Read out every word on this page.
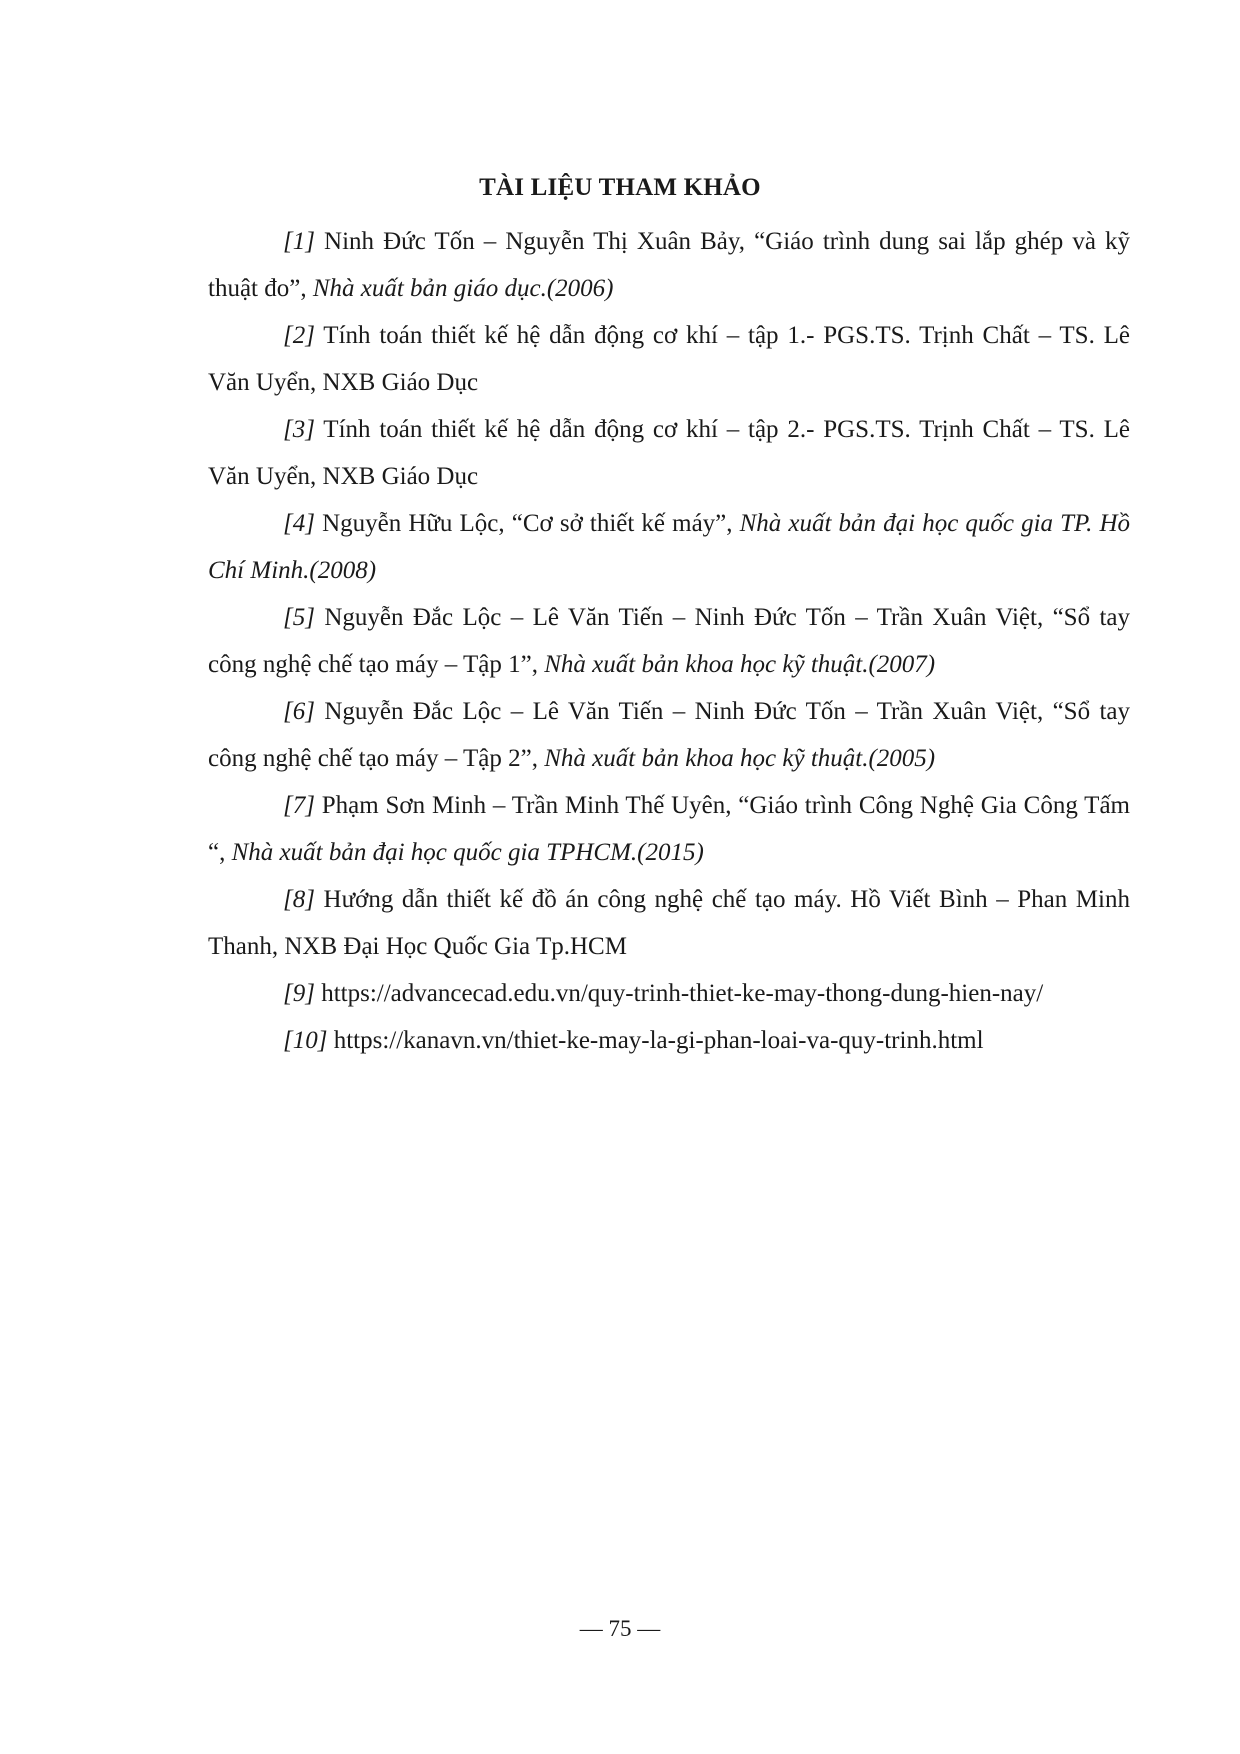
TÀI LIỆU THAM KHẢO

[1] Ninh Đức Tốn – Nguyễn Thị Xuân Bảy, “Giáo trình dung sai lắp ghép và kỹ thuật đo”, Nhà xuất bản giáo dục.(2006)

[2] Tính toán thiết kế hệ dẫn động cơ khí – tập 1.- PGS.TS. Trịnh Chất – TS. Lê Văn Uyển, NXB Giáo Dục

[3] Tính toán thiết kế hệ dẫn động cơ khí – tập 2.- PGS.TS. Trịnh Chất – TS. Lê Văn Uyển, NXB Giáo Dục

[4] Nguyễn Hữu Lộc, “Cơ sở thiết kế máy”, Nhà xuất bản đại học quốc gia TP. Hồ Chí Minh.(2008)

[5] Nguyễn Đắc Lộc – Lê Văn Tiến – Ninh Đức Tốn – Trần Xuân Việt, “Sổ tay công nghệ chế tạo máy – Tập 1”, Nhà xuất bản khoa học kỹ thuật.(2007)

[6] Nguyễn Đắc Lộc – Lê Văn Tiến – Ninh Đức Tốn – Trần Xuân Việt, “Sổ tay công nghệ chế tạo máy – Tập 2”, Nhà xuất bản khoa học kỹ thuật.(2005)

[7] Phạm Sơn Minh – Trần Minh Thế Uyên, “Giáo trình Công Nghệ Gia Công Tấm “, Nhà xuất bản đại học quốc gia TPHCM.(2015)

[8] Hướng dẫn thiết kế đồ án công nghệ chế tạo máy. Hồ Viết Bình – Phan Minh Thanh, NXB Đại Học Quốc Gia Tp.HCM

[9] https://advancecad.edu.vn/quy-trinh-thiet-ke-may-thong-dung-hien-nay/

[10] https://kanavn.vn/thiet-ke-may-la-gi-phan-loai-va-quy-trinh.html

— 75 —
